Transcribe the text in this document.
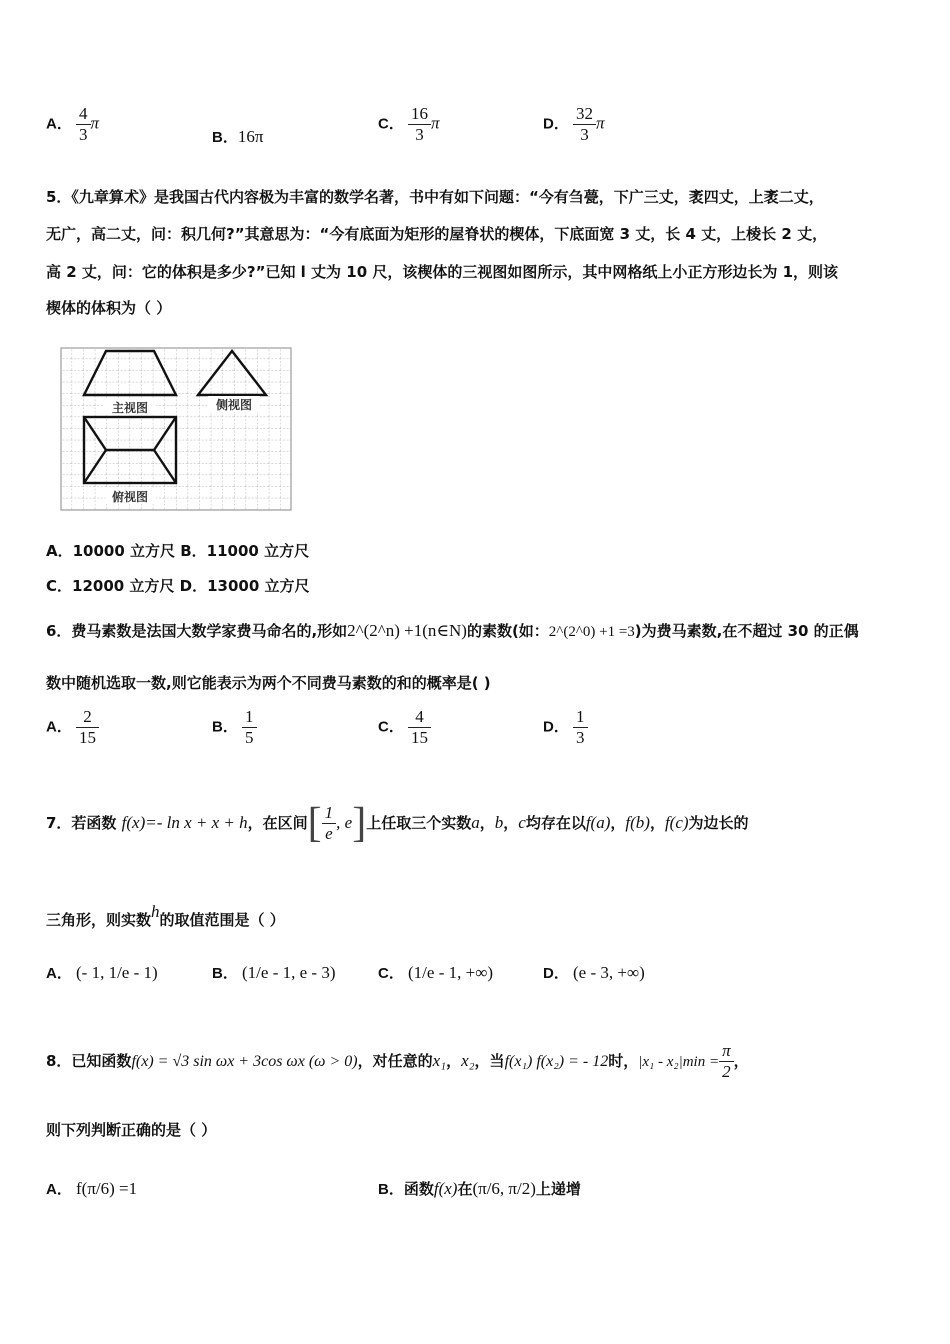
A． $\frac{4}{3}$ π
B．16π
C． $\frac{16}{3}$ π	D． $\frac{32}{3}$ π
5．《九章算术》是我国古代内容极为丰富的数学名著，书中有如下问题：“今有刍甍，下广三丈，袤四丈，上袤二丈，
无广，高二丈，问：积几何?”其意思为：“今有底面为矩形的屋脊状的楔体，下底面宽 3 丈，长 4 丈，上棱长 2 丈，
高 2 丈，问：它的体积是多少?”已知 l 丈为 10 尺，该楔体的三视图如图所示，其中网格纸上小正方形边长为 1，则该
楔体的体积为（ ）
主视图	侧视图
俯视图
A．10000 立方尺 B．11000 立方尺
C．12000 立方尺 D．13000 立方尺
6．费马素数是法国大数学家费马命名的,形如2^(2^n) +1(n∈N)的素数(如：2^(2^0) +1 =3)为费马素数,在不超过 30 的正偶
数中随机选取一数,则它能表示为两个不同费马素数的和的概率是( )
A． $\frac{2}{15}$	B． $\frac{1}{5}$	C． $\frac{4}{15}$	D． $\frac{1}{3}$
7．若函数 f(x)=- ln x + x + h，在区间[ $\frac{1}{e}$ , e]上任取三个实数a，b，c均存在以f(a)，f(b)，f(c)为边长的
三角形，则实数h的取值范围是（ ）
A． (- 1, 1/e - 1)	B． (1/e - 1, e - 3)	C． (1/e - 1, +∞)	D． (e - 3, +∞)
8．已知函数f(x) = √3 sin ωx + 3cos ωx (ω > 0)，对任意的x₁，x₂，当f(x₁) f(x₂) = - 12时，$|x_1 - x_2|\min = \frac{\pi}{2}$ ，
则下列判断正确的是（ ）
A． f(π/6) =1	B．函数f(x)在(π/6, π/2)上递增
